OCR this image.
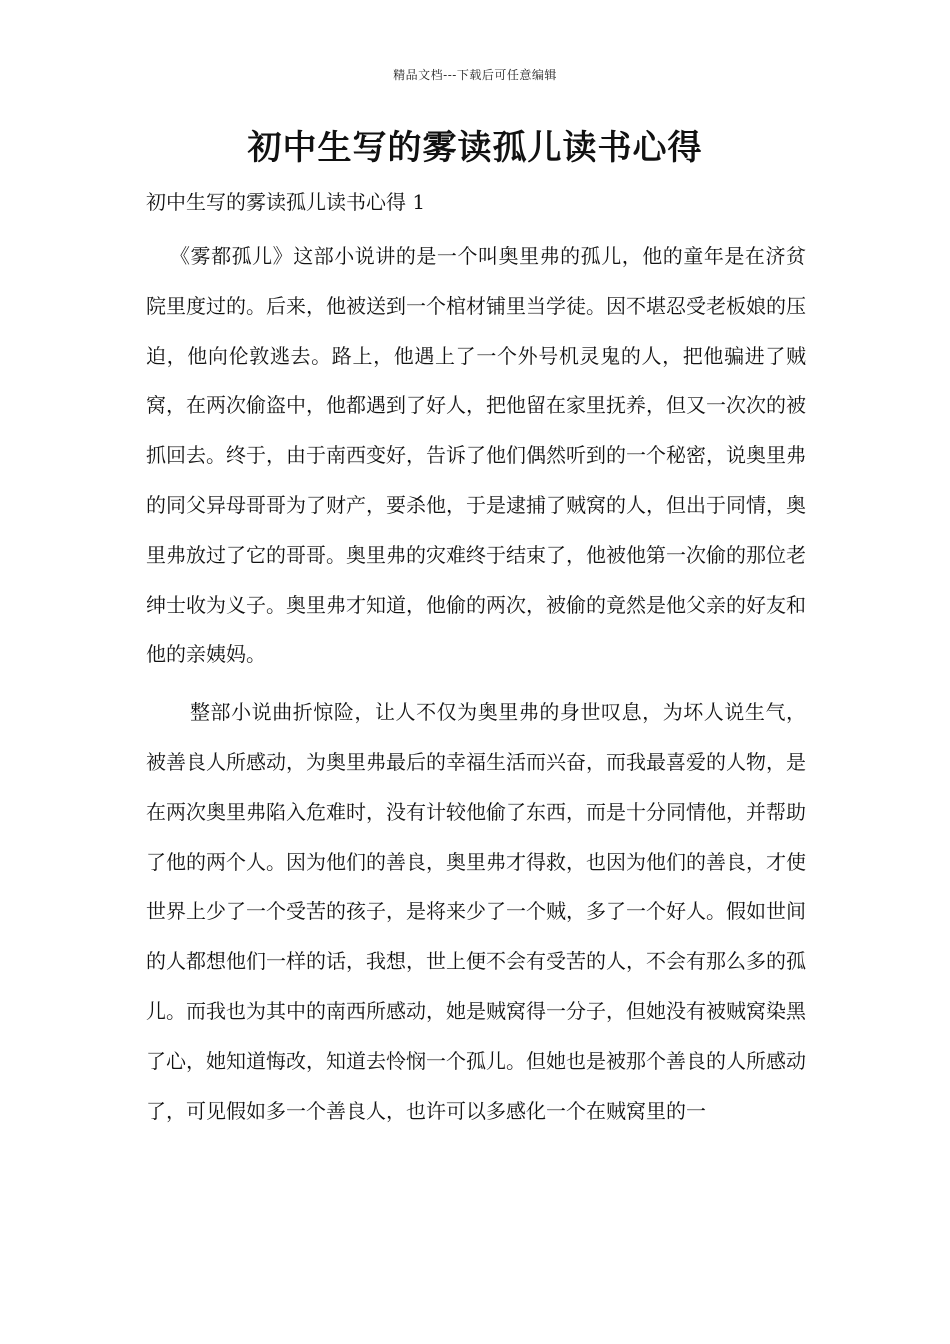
精品文档---下载后可任意编辑
初中生写的雾读孤儿读书心得

初中生写的雾读孤儿读书心得 1

《雾都孤儿》这部小说讲的是一个叫奥里弗的孤儿，他的童年是在济贫院里度过的。后来，他被送到一个棺材铺里当学徒。因不堪忍受老板娘的压迫，他向伦敦逃去。路上，他遇上了一个外号机灵鬼的人，把他骗进了贼窝，在两次偷盗中，他都遇到了好人，把他留在家里抚养，但又一次次的被抓回去。终于，由于南西变好，告诉了他们偶然听到的一个秘密，说奥里弗的同父异母哥哥为了财产，要杀他，于是逮捕了贼窝的人，但出于同情，奥里弗放过了它的哥哥。奥里弗的灾难终于结束了，他被他第一次偷的那位老绅士收为义子。奥里弗才知道，他偷的两次，被偷的竟然是他父亲的好友和他的亲姨妈。

整部小说曲折惊险，让人不仅为奥里弗的身世叹息，为坏人说生气，被善良人所感动，为奥里弗最后的幸福生活而兴奋，而我最喜爱的人物，是在两次奥里弗陷入危难时，没有计较他偷了东西，而是十分同情他，并帮助了他的两个人。因为他们的善良，奥里弗才得救，也因为他们的善良，才使世界上少了一个受苦的孩子，是将来少了一个贼，多了一个好人。假如世间的人都想他们一样的话，我想，世上便不会有受苦的人，不会有那么多的孤儿。而我也为其中的南西所感动，她是贼窝得一分子，但她没有被贼窝染黑了心，她知道悔改，知道去怜悯一个孤儿。但她也是被那个善良的人所感动了，可见假如多一个善良人，也许可以多感化一个在贼窝里的一
